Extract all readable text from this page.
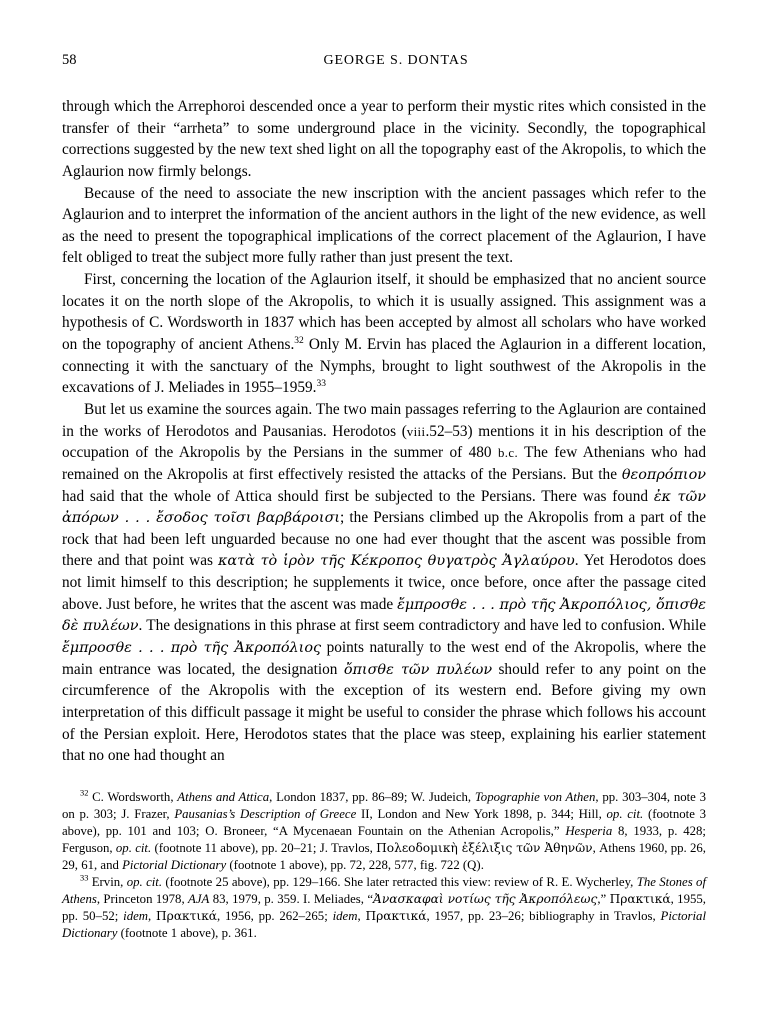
58	GEORGE S. DONTAS

through which the Arrephoroi descended once a year to perform their mystic rites which consisted in the transfer of their “arrheta” to some underground place in the vicinity. Secondly, the topographical corrections suggested by the new text shed light on all the topography east of the Akropolis, to which the Aglaurion now firmly belongs.

Because of the need to associate the new inscription with the ancient passages which refer to the Aglaurion and to interpret the information of the ancient authors in the light of the new evidence, as well as the need to present the topographical implications of the correct placement of the Aglaurion, I have felt obliged to treat the subject more fully rather than just present the text.

First, concerning the location of the Aglaurion itself, it should be emphasized that no ancient source locates it on the north slope of the Akropolis, to which it is usually assigned. This assignment was a hypothesis of C. Wordsworth in 1837 which has been accepted by almost all scholars who have worked on the topography of ancient Athens.$^{32}$ Only M. Ervin has placed the Aglaurion in a different location, connecting it with the sanctuary of the Nymphs, brought to light southwest of the Akropolis in the excavations of J. Meliades in 1955–1959.33

But let us examine the sources again. The two main passages referring to the Aglaurion are contained in the works of Herodotos and Pausanias. Herodotos (viii.52–53) mentions it in his description of the occupation of the Akropolis by the Persians in the summer of 480 b.c. The few Athenians who had remained on the Akropolis at first effectively resisted the attacks of the Persians. But the θεοπρόπιον had said that the whole of Attica should first be subjected to the Persians. There was found ἐκ τῶν ἀπόρων . . . ἔσοδος τοῖσι βαρβάροισι; the Persians climbed up the Akropolis from a part of the rock that had been left unguarded because no one had ever thought that the ascent was possible from there and that point was κατὰ τὸ ἱρὸν τῆς Κέκροπος θυγατρὸς Ἀγλαύρου. Yet Herodotos does not limit himself to this description; he supplements it twice, once before, once after the passage cited above. Just before, he writes that the ascent was made ἔμπροσθε . . . πρὸ τῆς Ἀκροπόλιος, ὄπισθε δὲ πυλέων. The designations in this phrase at first seem contradictory and have led to confusion. While ἔμπροσθε . . . πρὸ τῆς Ἀκροπόλιος points naturally to the west end of the Akropolis, where the main entrance was located, the designation ὄπισθε τῶν πυλέων should refer to any point on the circumference of the Akropolis with the exception of its western end. Before giving my own interpretation of this difficult passage it might be useful to consider the phrase which follows his account of the Persian exploit. Here, Herodotos states that the place was steep, explaining his earlier statement that no one had thought an

$^{32}$ C. Wordsworth, Athens and Attica, London 1837, pp. 86–89; W. Judeich, Topographie von Athen, pp. 303–304, note 3 on p. 303; J. Frazer, Pausanias’s Description of Greece II, London and New York 1898, p. 344; Hill, op. cit. (footnote 3 above), pp. 101 and 103; O. Broneer, “A Mycenaean Fountain on the Athenian Acropolis,” Hesperia 8, 1933, p. 428; Ferguson, op. cit. (footnote 11 above), pp. 20–21; J. Travlos, Πολεοδομικὴ ἐξέλιξις τῶν Ἀθηνῶν, Athens 1960, pp. 26, 29, 61, and Pictorial Dictionary (footnote 1 above), pp. 72, 228, 577, fig. 722 (Q).

$^{33}$ Ervin, op. cit. (footnote 25 above), pp. 129–166. She later retracted this view: review of R. E. Wycherley, The Stones of Athens, Princeton 1978, AJA 83, 1979, p. 359. I. Meliades, “Ἀνασκαφαὶ νοτίως τῆς Ἀκροπόλεως,” Πρακτικά, 1955, pp. 50–52; idem, Πρακτικά, 1956, pp. 262–265; idem, Πρακτικά, 1957, pp. 23–26; bibliography in Travlos, Pictorial Dictionary (footnote 1 above), p. 361.
